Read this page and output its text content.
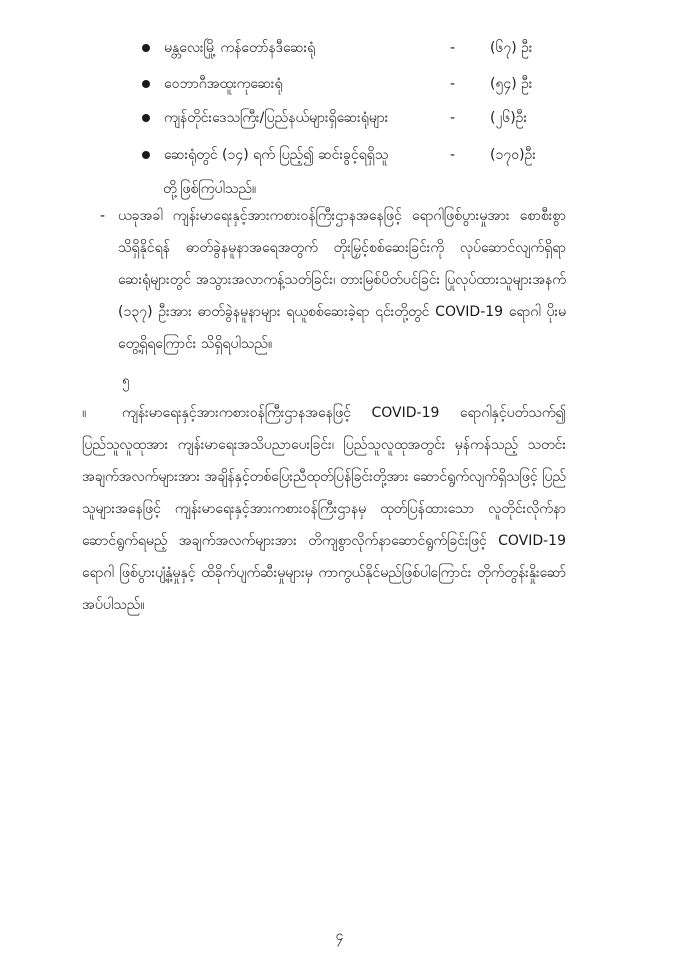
မန္တလေးမြို့ ကန်တော်နဒီဆေးရုံ	- (၆၇) ဦး
ဝေဘာဂီအထူးကုဆေးရုံ	- (၅၄) ဦး
ကျန်တိုင်းဒေသကြီး/ပြည်နယ်များရှိဆေးရုံများ	- (၂၆)ဦး
ဆေးရုံတွင် (၁၄) ရက် ပြည့်၍ ဆင်းခွင့်ရရှိသူ	- (၁၇၀)ဦး
တို့ဖြစ်ကြပါသည်။
- ယခုအခါ ကျန်းမာရေးနှင့်အားကစားဝန်ကြီးဌာနအနေဖြင့် ရောဂါဖြစ်ပွားမှုအား စောစီးစွာသိရှိနိုင်ရန် ဓာတ်ခွဲနမူနာအရေအတွက် တိုးမြှင့်စစ်ဆေးခြင်းကို လုပ်ဆောင်လျက်ရှိရာ ဆေးရုံများတွင် အသွားအလာကန့်သတ်ခြင်း၊ တားမြစ်ပိတ်ပင်ခြင်း ပြုလုပ်ထားသူများအနက် (၁၃၇) ဦးအား ဓာတ်ခွဲနမူနာများ ရယူစစ်ဆေးခဲ့ရာ ၎င်းတို့တွင် COVID-19 ရောဂါ ပိုးမတွေ့ရှိရကြောင်း သိရှိရပါသည်။
၅။	ကျန်းမာရေးနှင့်အားကစားဝန်ကြီးဌာနအနေဖြင့် COVID-19 ရောဂါနှင့်ပတ်သက်၍ ပြည်သူလူထုအား ကျန်းမာရေးအသိပညာပေးခြင်း၊ ပြည်သူလူထုအတွင်း မှန်ကန်သည့် သတင်းအချက်အလက်များအား အချိန်နှင့်တစ်ပြေးညီထုတ်ပြန်ခြင်းတို့အား ဆောင်ရွက်လျက်ရှိသဖြင့် ပြည်သူများအနေဖြင့် ကျန်းမာရေးနှင့်အားကစားဝန်ကြီးဌာနမှ ထုတ်ပြန်ထားသော လူတိုင်းလိုက်နာဆောင်ရွက်ရမည့် အချက်အလက်များအား တိကျစွာလိုက်နာဆောင်ရွက်ခြင်းဖြင့် COVID-19 ရောဂါ ဖြစ်ပွားပျံ့နှံ့မှုနှင့် ထိခိုက်ပျက်ဆီးမှုများမှ ကာကွယ်နိုင်မည်ဖြစ်ပါကြောင်း တိုက်တွန်းနှိုးဆော်အပ်ပါသည်။
၄
